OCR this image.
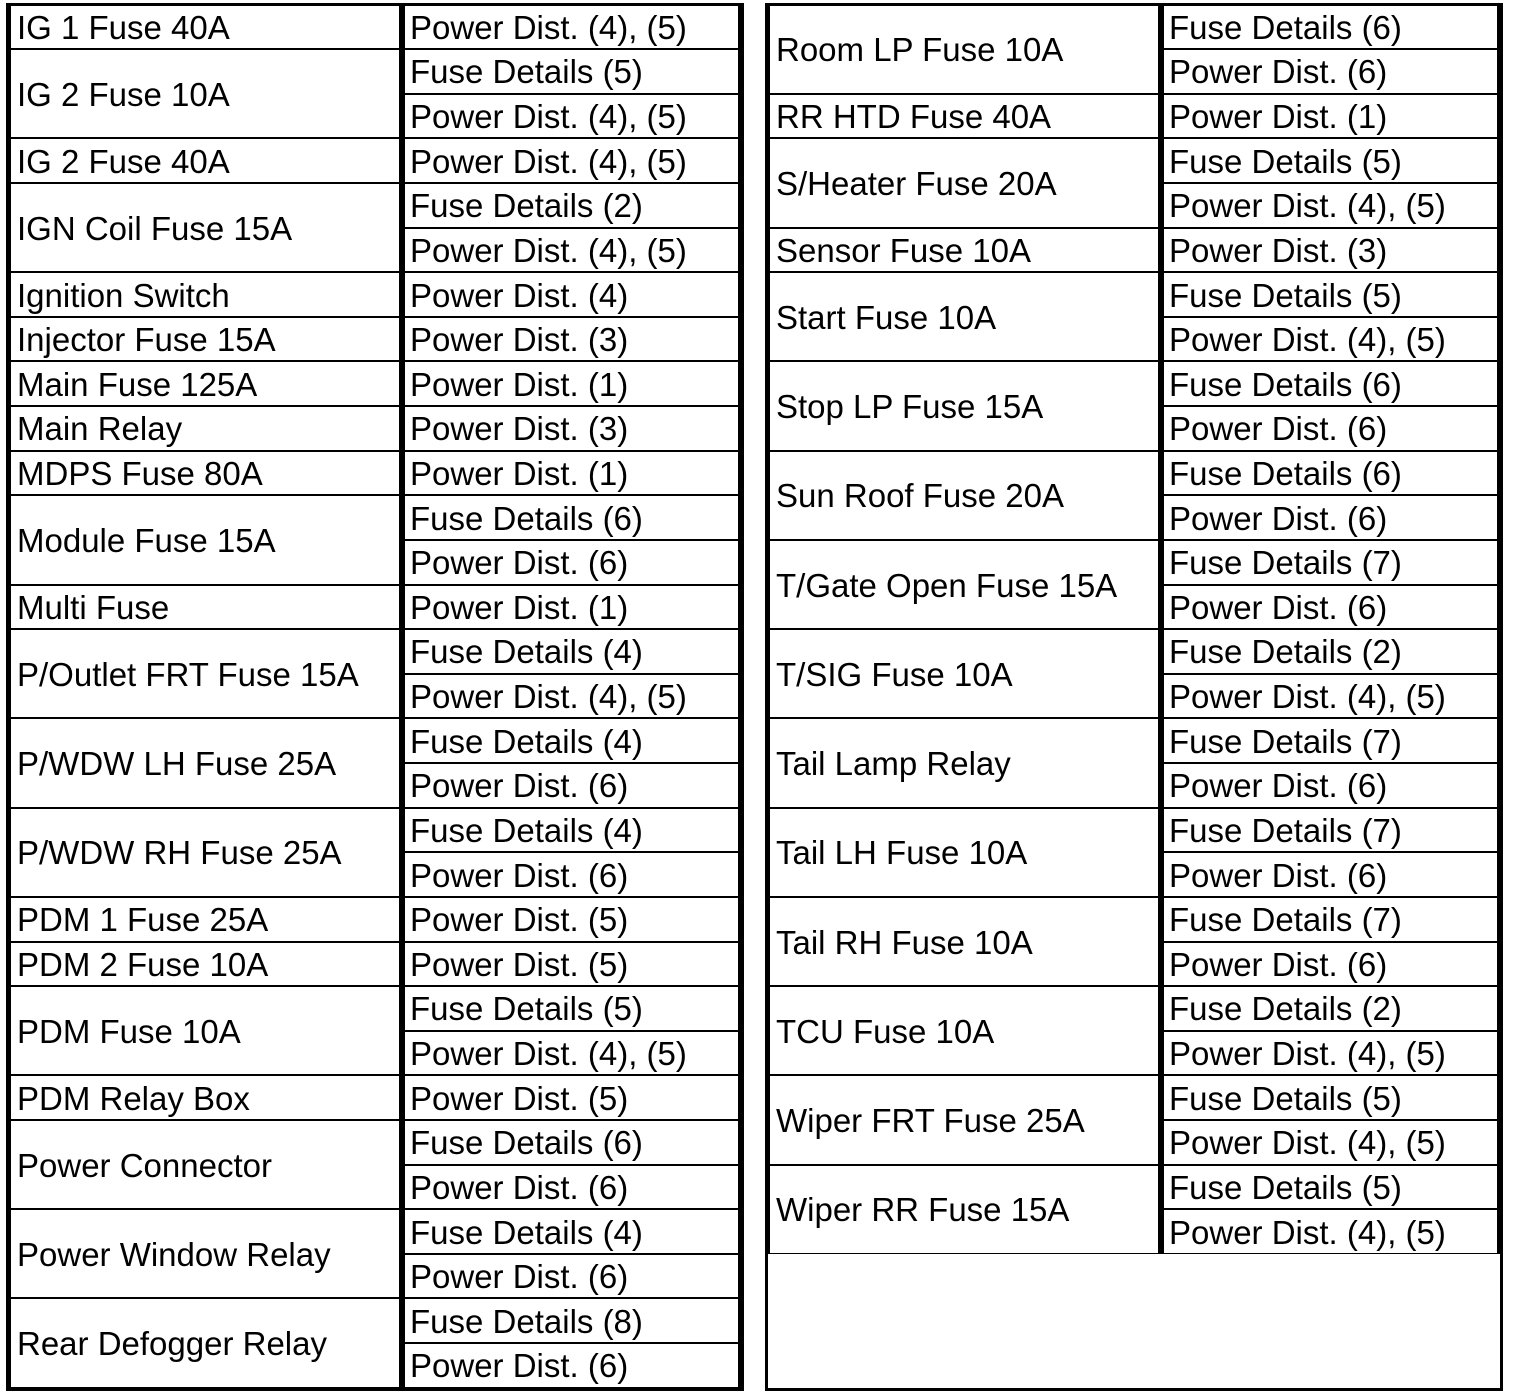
IG 1 Fuse 40A	Power Dist. (4), (5)
IG 2 Fuse 10A
Fuse Details (5)
Power Dist. (4), (5)
IG 2 Fuse 40A	Power Dist. (4), (5)
IGN Coil Fuse 15A
Fuse Details (2)
Power Dist. (4), (5)
Ignition Switch	Power Dist. (4)
Injector Fuse 15A	Power Dist. (3)
Main Fuse 125A	Power Dist. (1)
Main Relay	Power Dist. (3)
MDPS Fuse 80A	Power Dist. (1)
Module Fuse 15A
Fuse Details (6)
Power Dist. (6)
Multi Fuse	Power Dist. (1)
P/Outlet FRT Fuse 15A
Fuse Details (4)
Power Dist. (4), (5)
P/WDW LH Fuse 25A
Fuse Details (4)
Power Dist. (6)
P/WDW RH Fuse 25A
Fuse Details (4)
Power Dist. (6)
PDM 1 Fuse 25A	Power Dist. (5)
PDM 2 Fuse 10A	Power Dist. (5)
PDM Fuse 10A
Fuse Details (5)
Power Dist. (4), (5)
PDM Relay Box	Power Dist. (5)
Power Connector
Fuse Details (6)
Power Dist. (6)
Power Window Relay
Fuse Details (4)
Power Dist. (6)
Rear Defogger Relay
Fuse Details (8)
Power Dist. (6)
Room LP Fuse 10A
Fuse Details (6)
Power Dist. (6)
RR HTD Fuse 40A	Power Dist. (1)
S/Heater Fuse 20A
Fuse Details (5)
Power Dist. (4), (5)
Sensor Fuse 10A	Power Dist. (3)
Start Fuse 10A
Fuse Details (5)
Power Dist. (4), (5)
Stop LP Fuse 15A
Fuse Details (6)
Power Dist. (6)
Sun Roof Fuse 20A
Fuse Details (6)
Power Dist. (6)
T/Gate Open Fuse 15A
Fuse Details (7)
Power Dist. (6)
T/SIG Fuse 10A
Fuse Details (2)
Power Dist. (4), (5)
Tail Lamp Relay
Fuse Details (7)
Power Dist. (6)
Tail LH Fuse 10A
Fuse Details (7)
Power Dist. (6)
Tail RH Fuse 10A
Fuse Details (7)
Power Dist. (6)
TCU Fuse 10A
Fuse Details (2)
Power Dist. (4), (5)
Wiper FRT Fuse 25A
Fuse Details (5)
Power Dist. (4), (5)
Wiper RR Fuse 15A
Fuse Details (5)
Power Dist. (4), (5)
